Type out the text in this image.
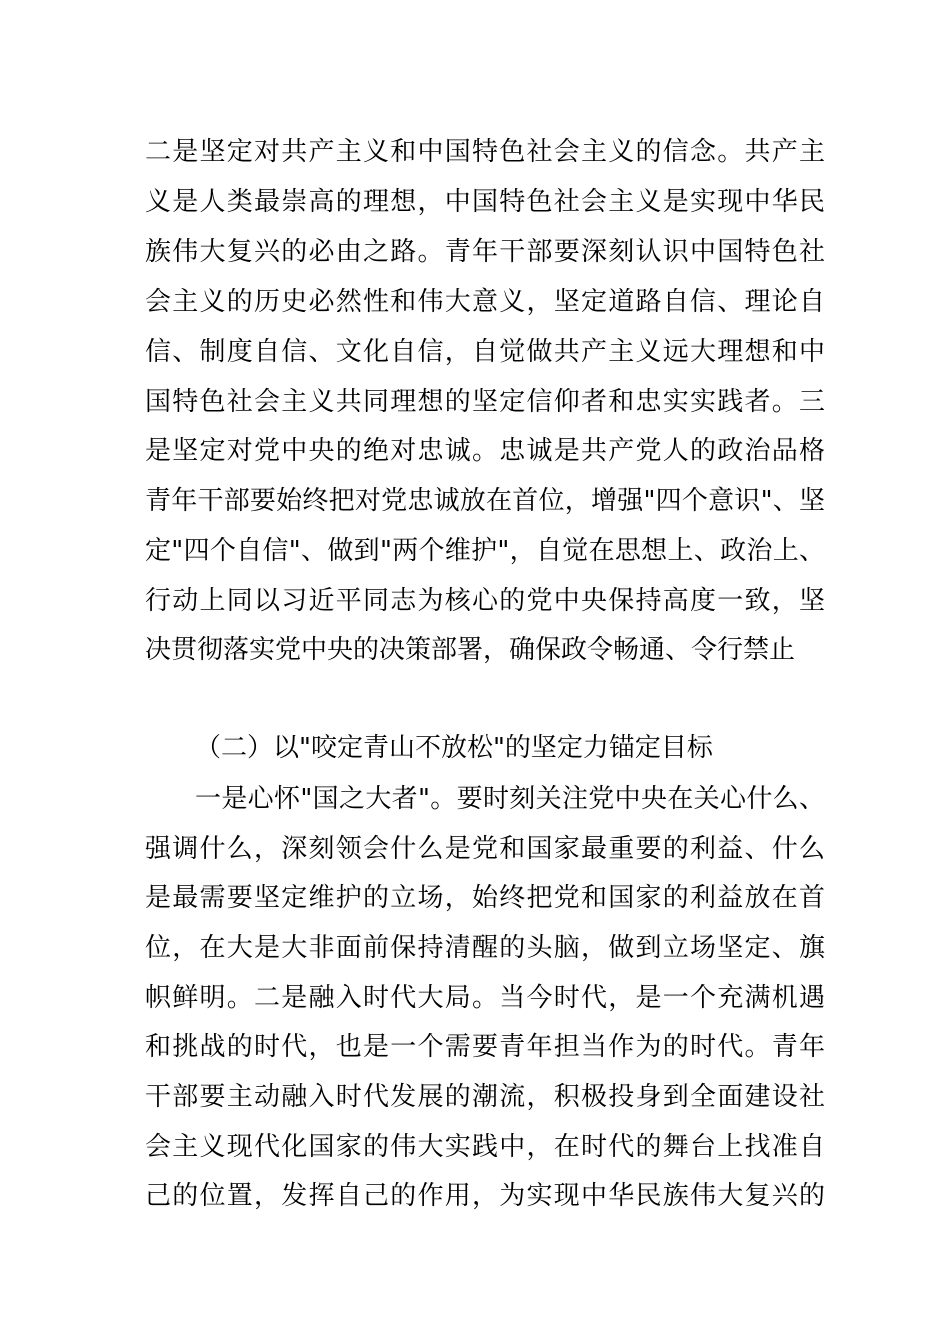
二是坚定对共产主义和中国特色社会主义的信念。共产主
义是人类最崇高的理想，中国特色社会主义是实现中华民
族伟大复兴的必由之路。青年干部要深刻认识中国特色社
会主义的历史必然性和伟大意义，坚定道路自信、理论自
信、制度自信、文化自信，自觉做共产主义远大理想和中
国特色社会主义共同理想的坚定信仰者和忠实实践者。三
是坚定对党中央的绝对忠诚。忠诚是共产党人的政治品格
青年干部要始终把对党忠诚放在首位，增强"四个意识"、坚
定"四个自信"、做到"两个维护"，自觉在思想上、政治上、
行动上同以习近平同志为核心的党中央保持高度一致，坚
决贯彻落实党中央的决策部署，确保政令畅通、令行禁止
（二）以"咬定青山不放松"的坚定力锚定目标
一是心怀"国之大者"。要时刻关注党中央在关心什么、
强调什么，深刻领会什么是党和国家最重要的利益、什么
是最需要坚定维护的立场，始终把党和国家的利益放在首
位，在大是大非面前保持清醒的头脑，做到立场坚定、旗
帜鲜明。二是融入时代大局。当今时代，是一个充满机遇
和挑战的时代，也是一个需要青年担当作为的时代。青年
干部要主动融入时代发展的潮流，积极投身到全面建设社
会主义现代化国家的伟大实践中，在时代的舞台上找准自
己的位置，发挥自己的作用，为实现中华民族伟大复兴的
